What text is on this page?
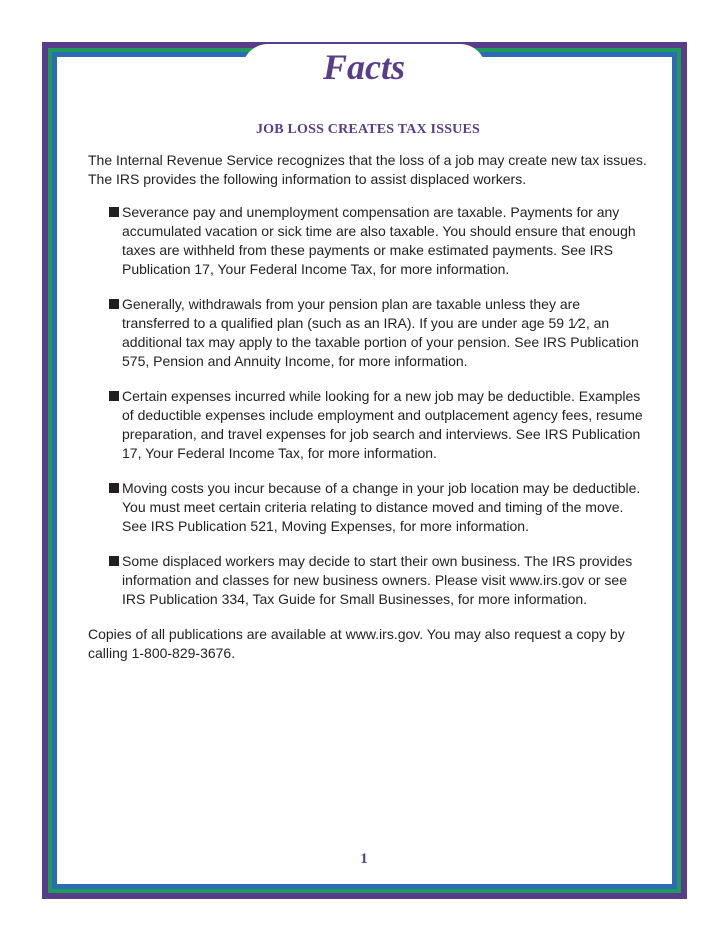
Facts
JOB LOSS CREATES TAX ISSUES

The Internal Revenue Service recognizes that the loss of a job may create new tax issues. The IRS provides the following information to assist displaced workers.

Severance pay and unemployment compensation are taxable. Payments for any accumulated vacation or sick time are also taxable. You should ensure that enough taxes are withheld from these payments or make estimated payments. See IRS Publication 17, Your Federal Income Tax, for more information.
Generally, withdrawals from your pension plan are taxable unless they are transferred to a qualified plan (such as an IRA). If you are under age 59 1⁄2, an additional tax may apply to the taxable portion of your pension. See IRS Publication 575, Pension and Annuity Income, for more information.
Certain expenses incurred while looking for a new job may be deductible. Examples of deductible expenses include employment and outplacement agency fees, resume preparation, and travel expenses for job search and interviews. See IRS Publication 17, Your Federal Income Tax, for more information.
Moving costs you incur because of a change in your job location may be deductible. You must meet certain criteria relating to distance moved and timing of the move. See IRS Publication 521, Moving Expenses, for more information.
Some displaced workers may decide to start their own business. The IRS provides information and classes for new business owners. Please visit www.irs.gov or see IRS Publication 334, Tax Guide for Small Businesses, for more information.

Copies of all publications are available at www.irs.gov. You may also request a copy by calling 1-800-829-3676.

1
